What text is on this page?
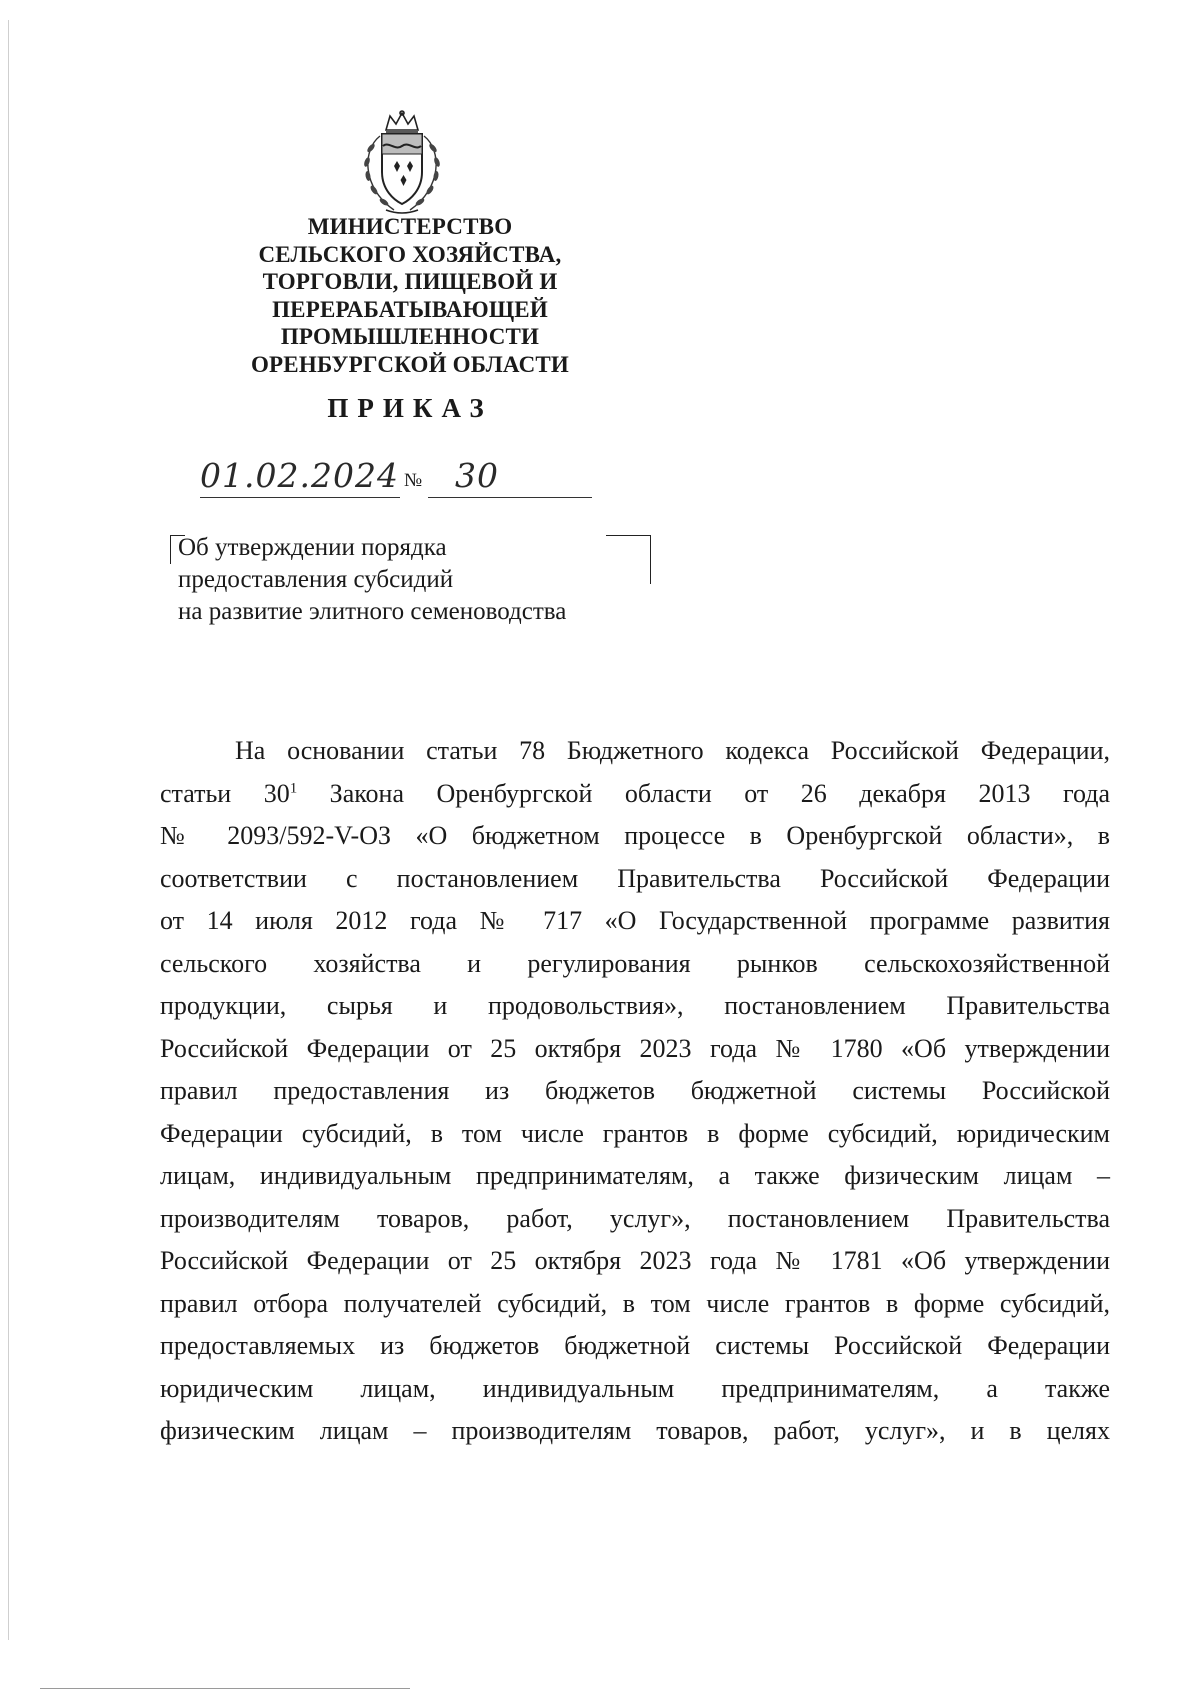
МИНИСТЕРСТВО
СЕЛЬСКОГО ХОЗЯЙСТВА,
ТОРГОВЛИ, ПИЩЕВОЙ И
ПЕРЕРАБАТЫВАЮЩЕЙ
ПРОМЫШЛЕННОСТИ
ОРЕНБУРГСКОЙ ОБЛАСТИ
ПРИКАЗ
01.02.2024 № 30

Об утверждении порядка
предоставления субсидий
на развитие элитного семеноводства

На основании статьи 78 Бюджетного кодекса Российской Федерации,
статьи $30^1$ Закона Оренбургской области от 26 декабря 2013 года
№ 2093/592-V-ОЗ «О бюджетном процессе в Оренбургской области», в
соответствии с постановлением Правительства Российской Федерации
от 14 июля 2012 года № 717 «О Государственной программе развития
сельского хозяйства и регулирования рынков сельскохозяйственной
продукции, сырья и продовольствия», постановлением Правительства
Российской Федерации от 25 октября 2023 года № 1780 «Об утверждении
правил предоставления из бюджетов бюджетной системы Российской
Федерации субсидий, в том числе грантов в форме субсидий, юридическим
лицам, индивидуальным предпринимателям, а также физическим лицам –
производителям товаров, работ, услуг», постановлением Правительства
Российской Федерации от 25 октября 2023 года № 1781 «Об утверждении
правил отбора получателей субсидий, в том числе грантов в форме субсидий,
предоставляемых из бюджетов бюджетной системы Российской Федерации
юридическим лицам, индивидуальным предпринимателям, а также
физическим лицам – производителям товаров, работ, услуг», и в целях
